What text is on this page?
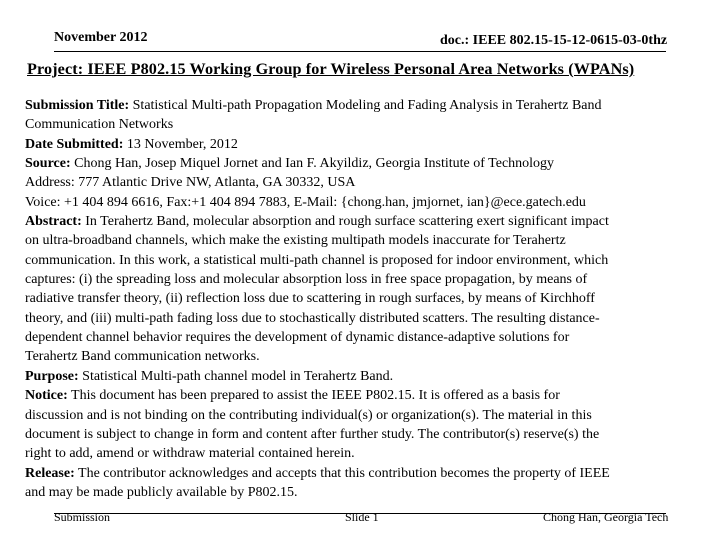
November 2012	doc.: IEEE 802.15-15-12-0615-03-0thz
Project: IEEE P802.15 Working Group for Wireless Personal Area Networks (WPANs)
Submission Title: Statistical Multi-path Propagation Modeling and Fading Analysis in Terahertz Band
Communication Networks
Date Submitted: 13 November, 2012
Source: Chong Han, Josep Miquel Jornet and Ian F. Akyildiz, Georgia Institute of Technology
Address: 777 Atlantic Drive NW, Atlanta, GA 30332, USA
Voice: +1 404 894 6616, Fax:+1 404 894 7883, E-Mail: {chong.han, jmjornet, ian}@ece.gatech.edu
Abstract: In Terahertz Band, molecular absorption and rough surface scattering exert significant impact
on ultra-broadband channels, which make the existing multipath models inaccurate for Terahertz
communication. In this work, a statistical multi-path channel is proposed for indoor environment, which
captures: (i) the spreading loss and molecular absorption loss in free space propagation, by means of
radiative transfer theory, (ii) reflection loss due to scattering in rough surfaces, by means of Kirchhoff
theory, and (iii) multi-path fading loss due to stochastically distributed scatters. The resulting distance-
dependent channel behavior requires the development of dynamic distance-adaptive solutions for
Terahertz Band communication networks.
Purpose: Statistical Multi-path channel model in Terahertz Band.
Notice: This document has been prepared to assist the IEEE P802.15. It is offered as a basis for
discussion and is not binding on the contributing individual(s) or organization(s). The material in this
document is subject to change in form and content after further study. The contributor(s) reserve(s) the
right to add, amend or withdraw material contained herein.
Release: The contributor acknowledges and accepts that this contribution becomes the property of IEEE
and may be made publicly available by P802.15.
Submission	Slide 1	Chong Han, Georgia Tech
